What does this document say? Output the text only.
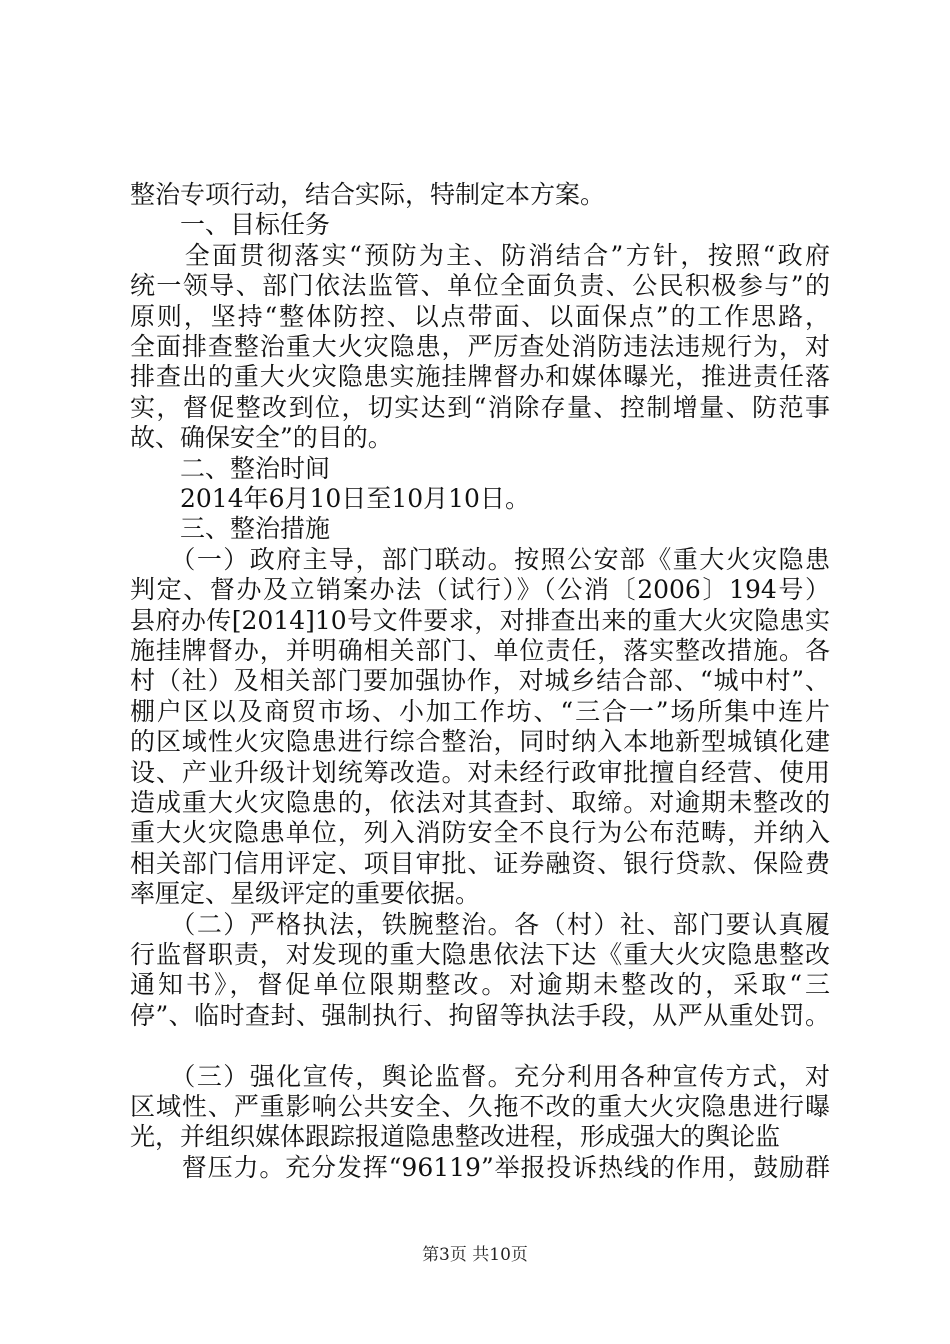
整治专项行动，结合实际，特制定本方案。
　　一、目标任务
　　全面贯彻落实“预防为主、防消结合”方针，按照“政府
统一领导、部门依法监管、单位全面负责、公民积极参与”的
原则，坚持“整体防控、以点带面、以面保点”的工作思路，
全面排查整治重大火灾隐患，严厉查处消防违法违规行为，对
排查出的重大火灾隐患实施挂牌督办和媒体曝光，推进责任落
实，督促整改到位，切实达到“消除存量、控制增量、防范事
故、确保安全”的目的。
　　二、整治时间
　　2014年6月10日至10月10日。
　　三、整治措施
　　（一）政府主导，部门联动。按照公安部《重大火灾隐患
判定、督办及立销案办法（试行）》（公消〔2006〕194号）
县府办传[2014]10号文件要求，对排查出来的重大火灾隐患实
施挂牌督办，并明确相关部门、单位责任，落实整改措施。各
村（社）及相关部门要加强协作，对城乡结合部、“城中村”、
棚户区以及商贸市场、小加工作坊、“三合一”场所集中连片
的区域性火灾隐患进行综合整治，同时纳入本地新型城镇化建
设、产业升级计划统筹改造。对未经行政审批擅自经营、使用
造成重大火灾隐患的，依法对其查封、取缔。对逾期未整改的
重大火灾隐患单位，列入消防安全不良行为公布范畴，并纳入
相关部门信用评定、项目审批、证券融资、银行贷款、保险费
率厘定、星级评定的重要依据。
　　（二）严格执法，铁腕整治。各（村）社、部门要认真履
行监督职责，对发现的重大隐患依法下达《重大火灾隐患整改
通知书》，督促单位限期整改。对逾期未整改的，采取“三
停”、临时查封、强制执行、拘留等执法手段，从严从重处罚。
　　（三）强化宣传，舆论监督。充分利用各种宣传方式，对
区域性、严重影响公共安全、久拖不改的重大火灾隐患进行曝
光，并组织媒体跟踪报道隐患整改进程，形成强大的舆论监
　　督压力。充分发挥“96119”举报投诉热线的作用，鼓励群
第3页 共10页
